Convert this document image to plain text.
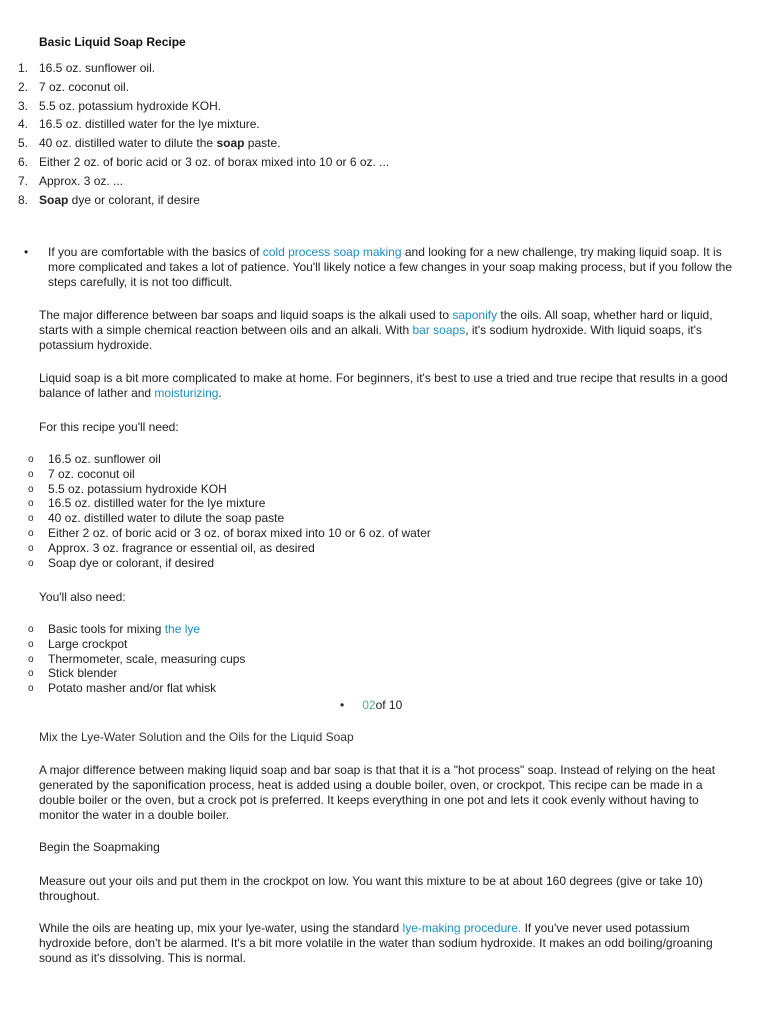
Basic Liquid Soap Recipe
1. 16.5 oz. sunflower oil.
2. 7 oz. coconut oil.
3. 5.5 oz. potassium hydroxide KOH.
4. 16.5 oz. distilled water for the lye mixture.
5. 40 oz. distilled water to dilute the soap paste.
6. Either 2 oz. of boric acid or 3 oz. of borax mixed into 10 or 6 oz. ...
7. Approx. 3 oz. ...
8. Soap dye or colorant, if desire
• If you are comfortable with the basics of cold process soap making and looking for a new challenge, try making liquid soap. It is more complicated and takes a lot of patience. You'll likely notice a few changes in your soap making process, but if you follow the steps carefully, it is not too difficult.
The major difference between bar soaps and liquid soaps is the alkali used to saponify the oils. All soap, whether hard or liquid, starts with a simple chemical reaction between oils and an alkali. With bar soaps, it's sodium hydroxide. With liquid soaps, it's potassium hydroxide.
Liquid soap is a bit more complicated to make at home. For beginners, it's best to use a tried and true recipe that results in a good balance of lather and moisturizing.
For this recipe you'll need:
o 16.5 oz. sunflower oil
o 7 oz. coconut oil
o 5.5 oz. potassium hydroxide KOH
o 16.5 oz. distilled water for the lye mixture
o 40 oz. distilled water to dilute the soap paste
o Either 2 oz. of boric acid or 3 oz. of borax mixed into 10 or 6 oz. of water
o Approx. 3 oz. fragrance or essential oil, as desired
o Soap dye or colorant, if desired
You'll also need:
o Basic tools for mixing the lye
o Large crockpot
o Thermometer, scale, measuring cups
o Stick blender
o Potato masher and/or flat whisk
• 02of 10
Mix the Lye-Water Solution and the Oils for the Liquid Soap
A major difference between making liquid soap and bar soap is that that it is a "hot process" soap. Instead of relying on the heat generated by the saponification process, heat is added using a double boiler, oven, or crockpot. This recipe can be made in a double boiler or the oven, but a crock pot is preferred. It keeps everything in one pot and lets it cook evenly without having to monitor the water in a double boiler.
Begin the Soapmaking
Measure out your oils and put them in the crockpot on low. You want this mixture to be at about 160 degrees (give or take 10) throughout.
While the oils are heating up, mix your lye-water, using the standard lye-making procedure. If you've never used potassium hydroxide before, don't be alarmed. It's a bit more volatile in the water than sodium hydroxide. It makes an odd boiling/groaning sound as it's dissolving. This is normal.
